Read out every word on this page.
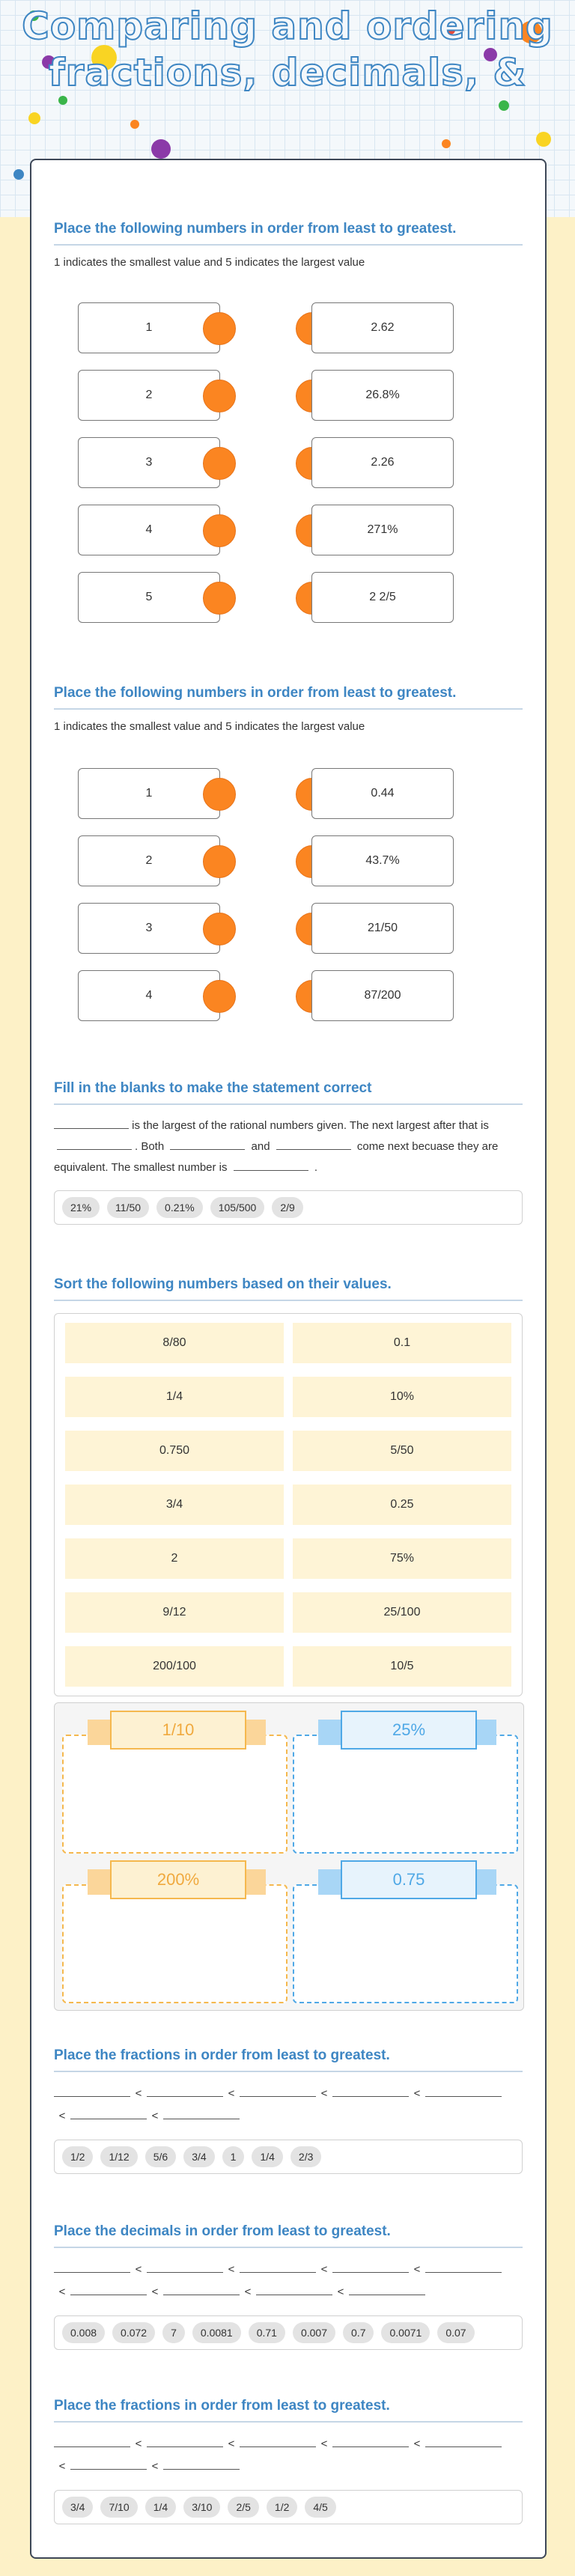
Comparing and ordering fractions, decimals, &
Place the following numbers in order from least to greatest.
1 indicates the smallest value and 5 indicates the largest value
1	2.62
2	26.8%
3	2.26
4	271%
5	2 2/5
Place the following numbers in order from least to greatest.
1 indicates the smallest value and 5 indicates the largest value
1	0.44
2	43.7%
3	21/50
4	87/200
Fill in the blanks to make the statement correct
is the largest of the rational numbers given. The next largest after that is . Both	and	come next becuase they are equivalent. The smallest number is	.
21%	11/50	0.21%	105/500	2/9
Sort the following numbers based on their values.
8/80	0.1
1/4	10%
0.750	5/50
3/4	0.25
2	75%
9/12	25/100
200/100	10/5
1/10	25%
200%	0.75
Place the fractions in order from least to greatest.
<	<	<	<
<	<
1/2	1/12	5/6	3/4	1	1/4	2/3
Place the decimals in order from least to greatest.
<	<	<	<
<	<	<	<
0.008	0.072	7	0.0081	0.71	0.007	0.7	0.0071	0.07
Place the fractions in order from least to greatest.
<	<	<	<
<	<
3/4	7/10	1/4	3/10	2/5	1/2	4/5
